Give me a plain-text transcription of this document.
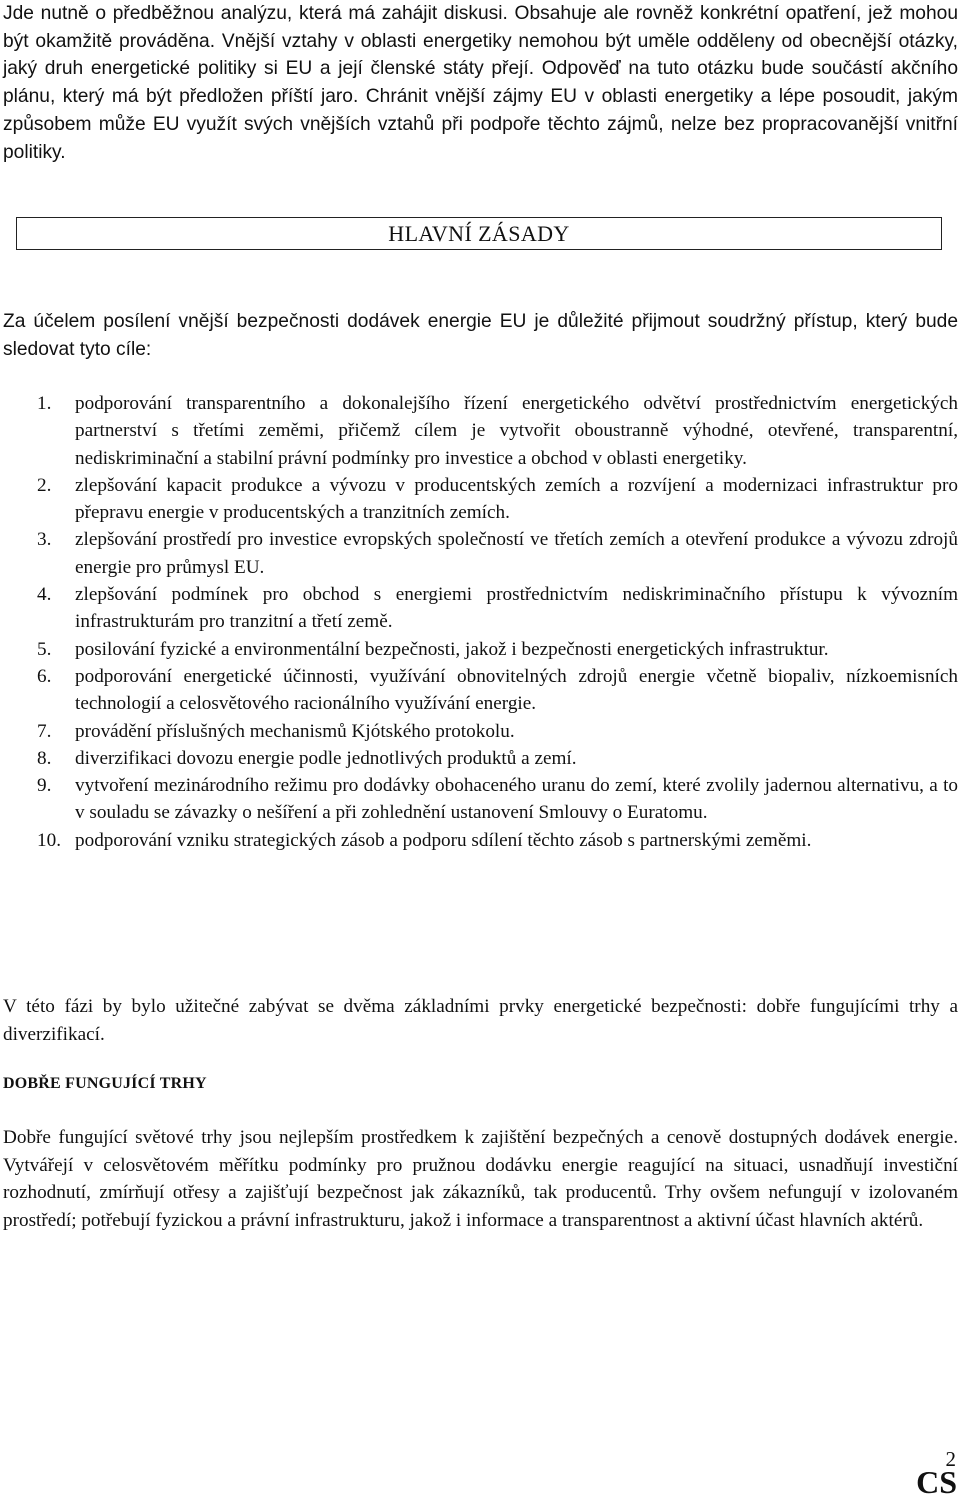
Jde nutně o předběžnou analýzu, která má zahájit diskusi. Obsahuje ale rovněž konkrétní opatření, jež mohou být okamžitě prováděna. Vnější vztahy v oblasti energetiky nemohou být uměle odděleny od obecnější otázky, jaký druh energetické politiky si EU a její členské státy přejí. Odpověď na tuto otázku bude součástí akčního plánu, který má být předložen příští jaro. Chránit vnější zájmy EU v oblasti energetiky a lépe posoudit, jakým způsobem může EU využít svých vnějších vztahů při podpoře těchto zájmů, nelze bez propracovanější vnitřní politiky.

HLAVNÍ ZÁSADY

Za účelem posílení vnější bezpečnosti dodávek energie EU je důležité přijmout soudržný přístup, který bude sledovat tyto cíle:

1. podporování transparentního a dokonalejšího řízení energetického odvětví prostřednictvím energetických partnerství s třetími zeměmi, přičemž cílem je vytvořit oboustranně výhodné, otevřené, transparentní, nediskriminační a stabilní právní podmínky pro investice a obchod v oblasti energetiky.
2. zlepšování kapacit produkce a vývozu v producentských zemích a rozvíjení a modernizaci infrastruktur pro přepravu energie v producentských a tranzitních zemích.
3. zlepšování prostředí pro investice evropských společností ve třetích zemích a otevření produkce a vývozu zdrojů energie pro průmysl EU.
4. zlepšování podmínek pro obchod s energiemi prostřednictvím nediskriminačního přístupu k vývozním infrastrukturám pro tranzitní a třetí země.
5. posilování fyzické a environmentální bezpečnosti, jakož i bezpečnosti energetických infrastruktur.
6. podporování energetické účinnosti, využívání obnovitelných zdrojů energie včetně biopaliv, nízkoemisních technologií a celosvětového racionálního využívání energie.
7. provádění příslušných mechanismů Kjótského protokolu.
8. diverzifikaci dovozu energie podle jednotlivých produktů a zemí.
9. vytvoření mezinárodního režimu pro dodávky obohaceného uranu do zemí, které zvolily jadernou alternativu, a to v souladu se závazky o nešíření a při zohlednění ustanovení Smlouvy o Euratomu.
10. podporování vzniku strategických zásob a podporu sdílení těchto zásob s partnerskými zeměmi.

V této fázi by bylo užitečné zabývat se dvěma základními prvky energetické bezpečnosti: dobře fungujícími trhy a diverzifikací.

DOBŘE FUNGUJÍCÍ TRHY

Dobře fungující světové trhy jsou nejlepším prostředkem k zajištění bezpečných a cenově dostupných dodávek energie. Vytvářejí v celosvětovém měřítku podmínky pro pružnou dodávku energie reagující na situaci, usnadňují investiční rozhodnutí, zmírňují otřesy a zajišťují bezpečnost jak zákazníků, tak producentů. Trhy ovšem nefungují v izolovaném prostředí; potřebují fyzickou a právní infrastrukturu, jakož i informace a transparentnost a aktivní účast hlavních aktérů.

2
CS
